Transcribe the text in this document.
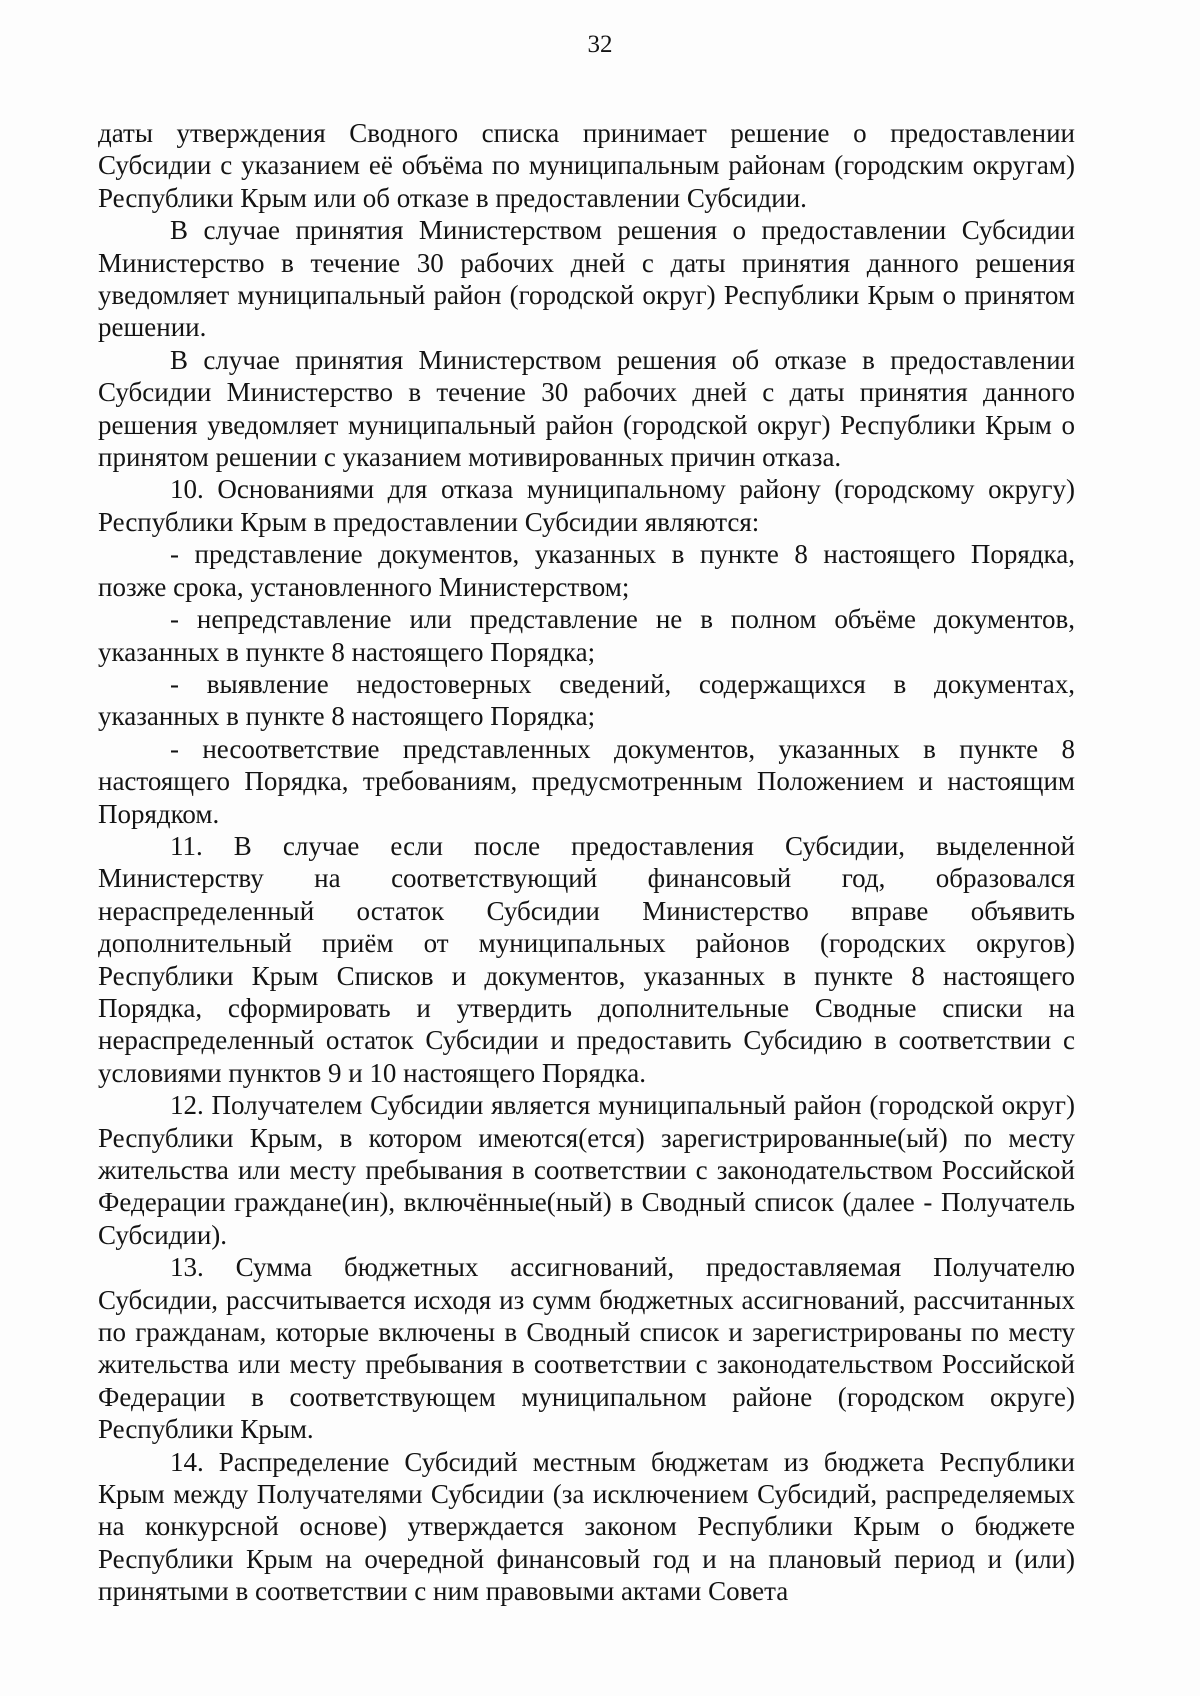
32

даты утверждения Сводного списка принимает решение о предоставлении Субсидии с указанием её объёма по муниципальным районам (городским округам) Республики Крым или об отказе в предоставлении Субсидии.

В случае принятия Министерством решения о предоставлении Субсидии Министерство в течение 30 рабочих дней с даты принятия данного решения уведомляет муниципальный район (городской округ) Республики Крым о принятом решении.

В случае принятия Министерством решения об отказе в предоставлении Субсидии Министерство в течение 30 рабочих дней с даты принятия данного решения уведомляет муниципальный район (городской округ) Республики Крым о принятом решении с указанием мотивированных причин отказа.

10. Основаниями для отказа муниципальному району (городскому округу) Республики Крым в предоставлении Субсидии являются:

- представление документов, указанных в пункте 8 настоящего Порядка, позже срока, установленного Министерством;

- непредставление или представление не в полном объёме документов, указанных в пункте 8 настоящего Порядка;

- выявление недостоверных сведений, содержащихся в документах, указанных в пункте 8 настоящего Порядка;

- несоответствие представленных документов, указанных в пункте 8 настоящего Порядка, требованиям, предусмотренным Положением и настоящим Порядком.

11. В случае если после предоставления Субсидии, выделенной Министерству на соответствующий финансовый год, образовался нераспределенный остаток Субсидии Министерство вправе объявить дополнительный приём от муниципальных районов (городских округов) Республики Крым Списков и документов, указанных в пункте 8 настоящего Порядка, сформировать и утвердить дополнительные Сводные списки на нераспределенный остаток Субсидии и предоставить Субсидию в соответствии с условиями пунктов 9 и 10 настоящего Порядка.

12. Получателем Субсидии является муниципальный район (городской округ) Республики Крым, в котором имеются(ется) зарегистрированные(ый) по месту жительства или месту пребывания в соответствии с законодательством Российской Федерации граждане(ин), включённые(ный) в Сводный список (далее - Получатель Субсидии).

13. Сумма бюджетных ассигнований, предоставляемая Получателю Субсидии, рассчитывается исходя из сумм бюджетных ассигнований, рассчитанных по гражданам, которые включены в Сводный список и зарегистрированы по месту жительства или месту пребывания в соответствии с законодательством Российской Федерации в соответствующем муниципальном районе (городском округе) Республики Крым.

14. Распределение Субсидий местным бюджетам из бюджета Республики Крым между Получателями Субсидии (за исключением Субсидий, распределяемых на конкурсной основе) утверждается законом Республики Крым о бюджете Республики Крым на очередной финансовый год и на плановый период и (или) принятыми в соответствии с ним правовыми актами Совета
